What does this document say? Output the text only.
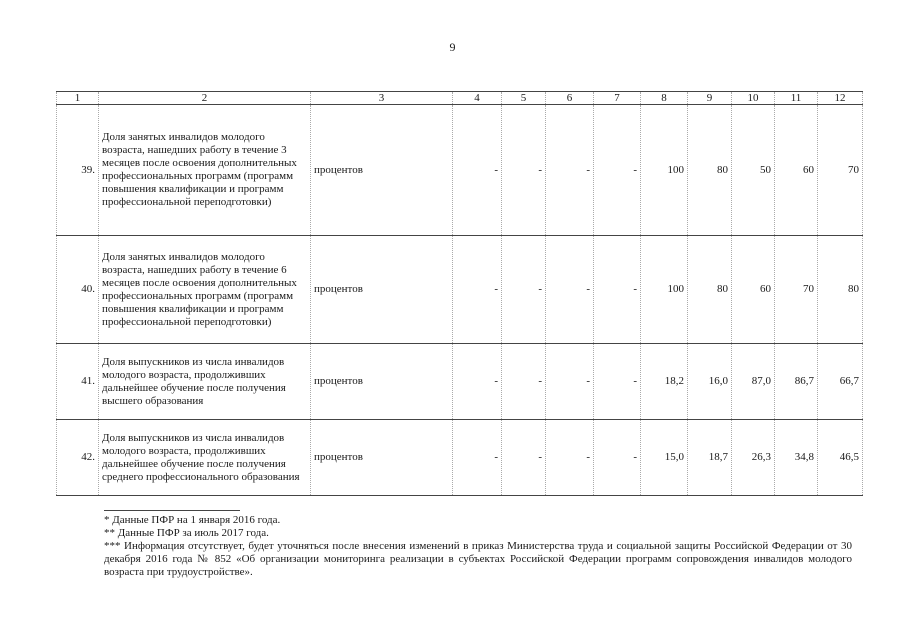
9
1	2	3	4	5	6	7	8	9	10	11	12
39.	Доля занятых инвалидов молодого возраста, нашедших работу в течение 3 месяцев после освоения дополнительных профессиональных программ (программ повышения квалификации и программ профессиональной переподготовки)	процентов	-	-	-	-	100	80	50	60	70
40.	Доля занятых инвалидов молодого возраста, нашедших работу в течение 6 месяцев после освоения дополнительных профессиональных программ (программ повышения квалификации и программ профессиональной переподготовки)	процентов	-	-	-	-	100	80	60	70	80
41.	Доля выпускников из числа инвалидов молодого возраста, продолживших дальнейшее обучение после получения высшего образования	процентов	-	-	-	-	18,2	16,0	87,0	86,7	66,7
42.	Доля выпускников из числа инвалидов молодого возраста, продолживших дальнейшее обучение после получения среднего профессионального образования	процентов	-	-	-	-	15,0	18,7	26,3	34,8	46,5

* Данные ПФР на 1 января 2016 года.

** Данные ПФР за июль 2017 года.

*** Информация отсутствует, будет уточняться после внесения изменений в приказ Министерства труда и социальной защиты Российской Федерации от 30 декабря 2016 года № 852 «Об организации мониторинга реализации в субъектах Российской Федерации программ сопровождения инвалидов молодого возраста при трудоустройстве».
